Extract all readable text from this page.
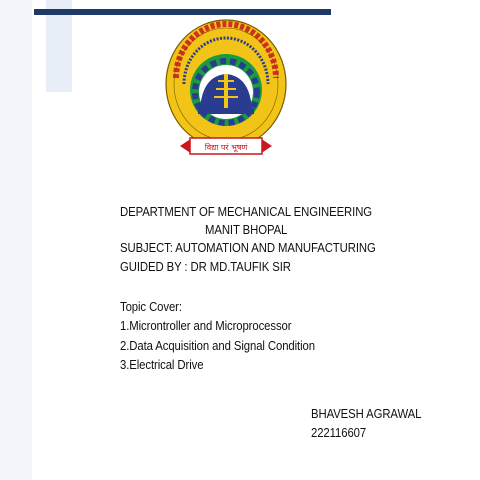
विद्या परं भूषणं
DEPARTMENT OF MECHANICAL ENGINEERING
MANIT BHOPAL
SUBJECT: AUTOMATION AND MANUFACTURING
GUIDED BY : DR MD.TAUFIK SIR
Topic Cover:
1.Microntroller and Microprocessor
2.Data Acquisition and Signal Condition
3.Electrical Drive
BHAVESH AGRAWAL
222116607
